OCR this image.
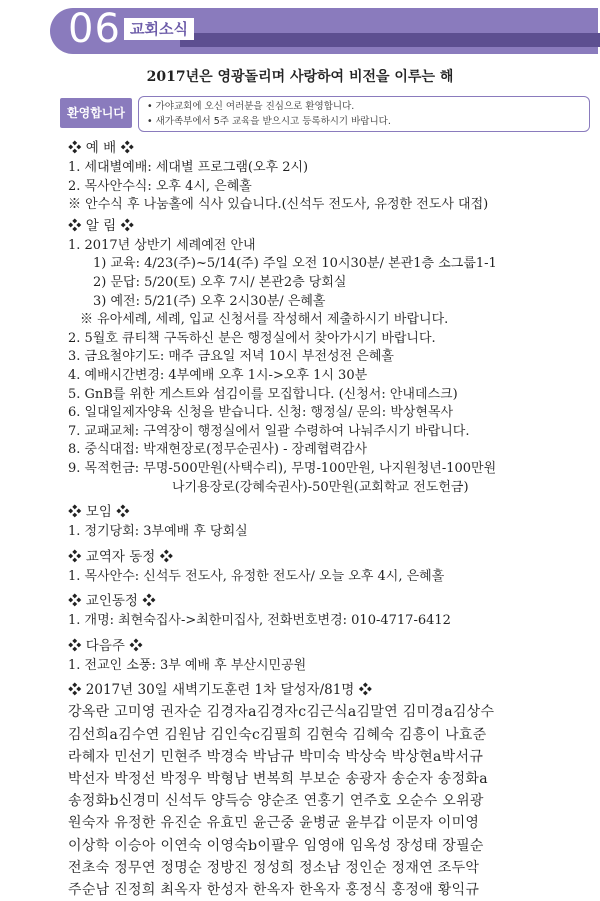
06 교회소식
2017년은 영광돌리며 사랑하여 비전을 이루는 해
환영합니다	• 가야교회에 오신 여러분을 진심으로 환영합니다.
• 새가족부에서 5주 교육을 받으시고 등록하시기 바랍니다.
❖ 예 배 ❖
1. 세대별예배: 세대별 프로그램(오후 2시)
2. 목사안수식: 오후 4시, 은혜홀
※ 안수식 후 나눔홀에 식사 있습니다.(신석두 전도사, 유정한 전도사 대접)
❖ 알 림 ❖
1. 2017년 상반기 세례예전 안내
1) 교육: 4/23(주)~5/14(주) 주일 오전 10시30분/ 본관1층 소그룹1-1
2) 문답: 5/20(토) 오후 7시/ 본관2층 당회실
3) 예전: 5/21(주) 오후 2시30분/ 은혜홀
※ 유아세례, 세례, 입교 신청서를 작성해서 제출하시기 바랍니다.
2. 5월호 큐티책 구독하신 분은 행정실에서 찾아가시기 바랍니다.
3. 금요철야기도: 매주 금요일 저녁 10시 부전성전 은혜홀
4. 예배시간변경: 4부예배 오후 1시->오후 1시 30분
5. GnB를 위한 게스트와 섬김이를 모집합니다. (신청서: 안내데스크)
6. 일대일제자양육 신청을 받습니다. 신청: 행정실/ 문의: 박상현목사
7. 교패교체: 구역장이 행정실에서 일괄 수령하여 나눠주시기 바랍니다.
8. 중식대접: 박재현장로(정무순권사) - 장례협력감사
9. 목적헌금: 무명-500만원(사택수리), 무명-100만원, 나지원청년-100만원
나기용장로(강혜숙권사)-50만원(교회학교 전도헌금)
❖ 모임 ❖
1. 정기당회: 3부예배 후 당회실
❖ 교역자 동정 ❖
1. 목사안수: 신석두 전도사, 유정한 전도사/ 오늘 오후 4시, 은혜홀
❖ 교인동정 ❖
1. 개명: 최현숙집사->최한미집사, 전화번호변경: 010-4717-6412
❖ 다음주 ❖
1. 전교인 소풍: 3부 예배 후 부산시민공원
❖ 2017년 30일 새벽기도훈련 1차 달성자/81명 ❖
강옥란 고미영 권자순 김경자a김경자c김근식a김말연 김미경a김상수
김선희a김수연 김원남 김인숙c김필희 김현숙 김혜숙 김흥이 나효준
라혜자 민선기 민현주 박경숙 박남규 박미숙 박상숙 박상현a박서규
박선자 박정선 박정우 박형남 변복희 부보순 송광자 송순자 송정화a
송정화b신경미 신석두 양득승 양순조 연홍기 연주호 오순수 오위광
원숙자 유정한 유진순 유효민 윤근중 윤병균 윤부갑 이문자 이미영
이상학 이승아 이연숙 이영숙b이팔우 임영애 임옥성 장성태 장필순
전초숙 정무연 정명순 정방진 정성희 정소남 정인순 정재연 조두악
주순남 진정희 최옥자 한성자 한옥자 한옥자 홍정식 홍정애 황익규
